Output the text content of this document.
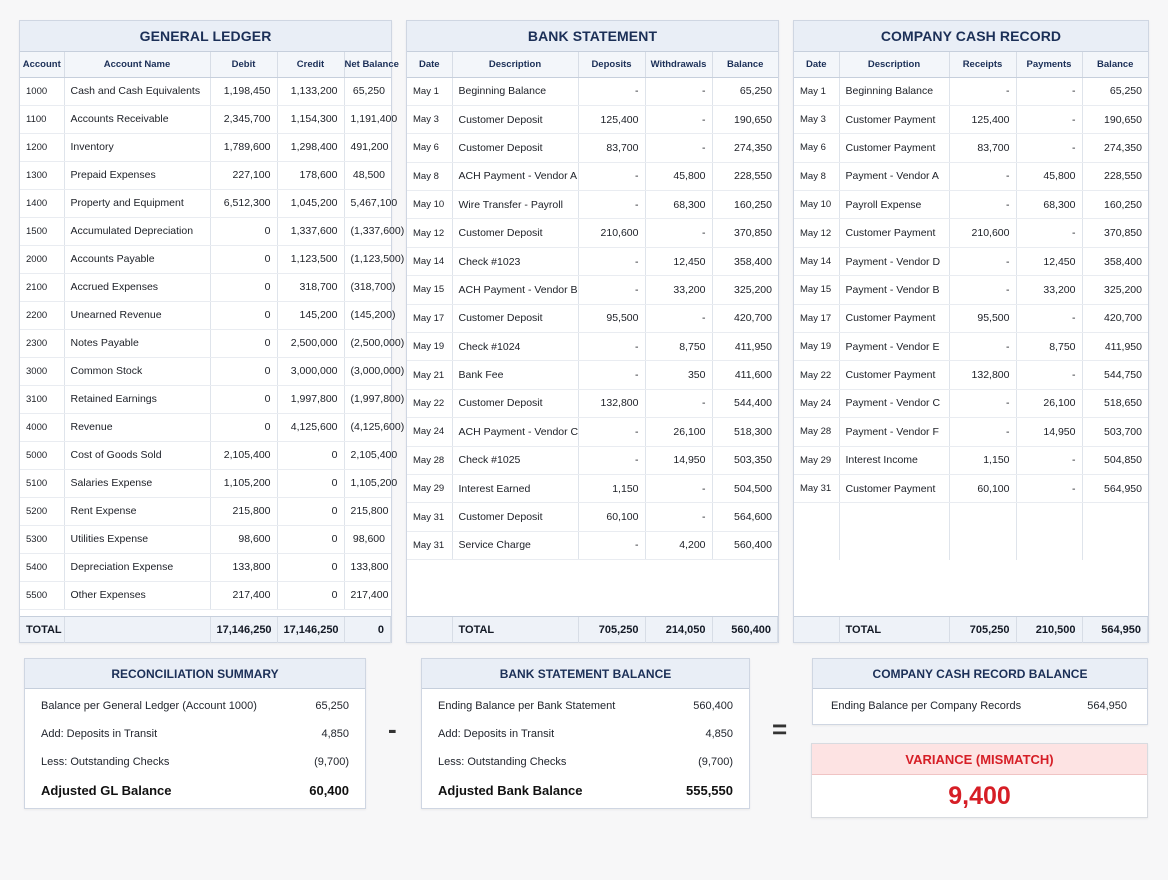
GENERAL LEDGER
Account	Account Name	Debit	Credit	Net Balance
1000	Cash and Cash Equivalents	1,198,450	1,133,200	65,250
1100	Accounts Receivable	2,345,700	1,154,300	1,191,400
1200	Inventory	1,789,600	1,298,400	491,200
1300	Prepaid Expenses	227,100	178,600	48,500
1400	Property and Equipment	6,512,300	1,045,200	5,467,100
1500	Accumulated Depreciation	0	1,337,600	(1,337,600)
2000	Accounts Payable	0	1,123,500	(1,123,500)
2100	Accrued Expenses	0	318,700	(318,700)
2200	Unearned Revenue	0	145,200	(145,200)
2300	Notes Payable	0	2,500,000	(2,500,000)
3000	Common Stock	0	3,000,000	(3,000,000)
3100	Retained Earnings	0	1,997,800	(1,997,800)
4000	Revenue	0	4,125,600	(4,125,600)
5000	Cost of Goods Sold	2,105,400	0	2,105,400
5100	Salaries Expense	1,105,200	0	1,105,200
5200	Rent Expense	215,800	0	215,800
5300	Utilities Expense	98,600	0	98,600
5400	Depreciation Expense	133,800	0	133,800
5500	Other Expenses	217,400	0	217,400
TOTAL		17,146,250	17,146,250	0
BANK STATEMENT
Date	Description	Deposits	Withdrawals	Balance
May 1	Beginning Balance	-	-	65,250
May 3	Customer Deposit	125,400	-	190,650
May 6	Customer Deposit	83,700	-	274,350
May 8	ACH Payment - Vendor A	-	45,800	228,550
May 10	Wire Transfer - Payroll	-	68,300	160,250
May 12	Customer Deposit	210,600	-	370,850
May 14	Check #1023	-	12,450	358,400
May 15	ACH Payment - Vendor B	-	33,200	325,200
May 17	Customer Deposit	95,500	-	420,700
May 19	Check #1024	-	8,750	411,950
May 21	Bank Fee	-	350	411,600
May 22	Customer Deposit	132,800	-	544,400
May 24	ACH Payment - Vendor C	-	26,100	518,300
May 28	Check #1025	-	14,950	503,350
May 29	Interest Earned	1,150	-	504,500
May 31	Customer Deposit	60,100	-	564,600
May 31	Service Charge	-	4,200	560,400
	TOTAL	705,250	214,050	560,400
COMPANY CASH RECORD
Date	Description	Receipts	Payments	Balance
May 1	Beginning Balance	-	-	65,250
May 3	Customer Payment	125,400	-	190,650
May 6	Customer Payment	83,700	-	274,350
May 8	Payment - Vendor A	-	45,800	228,550
May 10	Payroll Expense	-	68,300	160,250
May 12	Customer Payment	210,600	-	370,850
May 14	Payment - Vendor D	-	12,450	358,400
May 15	Payment - Vendor B	-	33,200	325,200
May 17	Customer Payment	95,500	-	420,700
May 19	Payment - Vendor E	-	8,750	411,950
May 22	Customer Payment	132,800	-	544,750
May 24	Payment - Vendor C	-	26,100	518,650
May 28	Payment - Vendor F	-	14,950	503,700
May 29	Interest Income	1,150	-	504,850
May 31	Customer Payment	60,100	-	564,950

	TOTAL	705,250	210,500	564,950
RECONCILIATION SUMMARY
Balance per General Ledger (Account 1000)	65,250
Add: Deposits in Transit	4,850
Less: Outstanding Checks	(9,700)
Adjusted GL Balance	60,400
-
BANK STATEMENT BALANCE
Ending Balance per Bank Statement	560,400
Add: Deposits in Transit	4,850
Less: Outstanding Checks	(9,700)
Adjusted Bank Balance	555,550
=
COMPANY CASH RECORD BALANCE
Ending Balance per Company Records	564,950
VARIANCE (MISMATCH)
9,400
